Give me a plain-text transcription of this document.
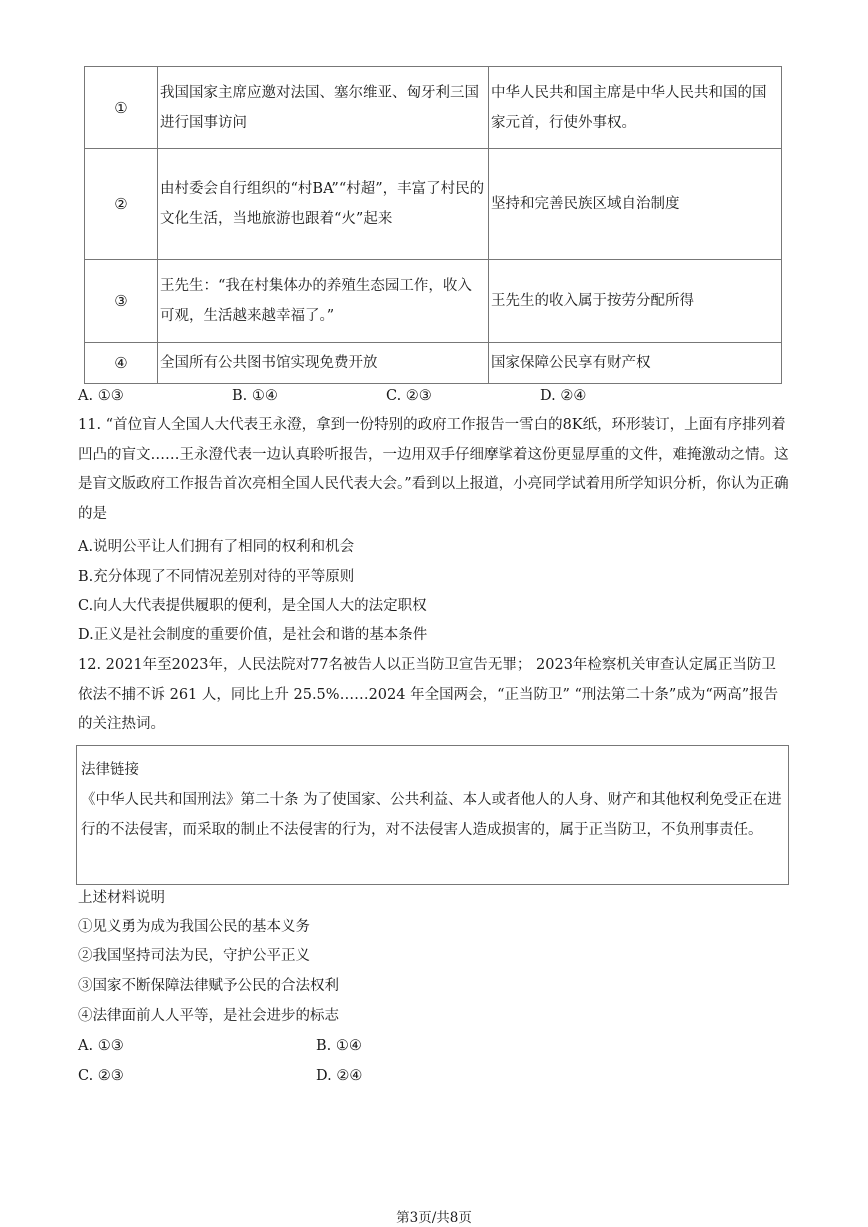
①	我国国家主席应邀对法国、塞尔维亚、匈牙利三国进行国事访问	中华人民共和国主席是中华人民共和国的国家元首，行使外事权。
②	由村委会自行组织的“村BA”“村超”，丰富了村民的文化生活，当地旅游也跟着“火”起来	坚持和完善民族区域自治制度
③	王先生：“我在村集体办的养殖生态园工作，收入可观，生活越来越幸福了。”	王先生的收入属于按劳分配所得
④	全国所有公共图书馆实现免费开放	国家保障公民享有财产权
A. ①③	B. ①④	C. ②③	D. ②④
11. “首位盲人全国人大代表王永澄，拿到一份特别的政府工作报告一雪白的8K纸，环形装订，上面有序排列着凹凸的盲文……王永澄代表一边认真聆听报告，一边用双手仔细摩挲着这份更显厚重的文件，难掩激动之情。这是盲文版政府工作报告首次亮相全国人民代表大会。”看到以上报道，小亮同学试着用所学知识分析，你认为正确的是
A.说明公平让人们拥有了相同的权利和机会
B.充分体现了不同情况差别对待的平等原则
C.向人大代表提供履职的便利，是全国人大的法定职权
D.正义是社会制度的重要价值，是社会和谐的基本条件
12. 2021年至2023年，人民法院对77名被告人以正当防卫宣告无罪； 2023年检察机关审查认定属正当防卫依法不捕不诉 261 人，同比上升 25.5%……2024 年全国两会，“正当防卫” “刑法第二十条”成为“两高”报告的关注热词。
法律链接
《中华人民共和国刑法》第二十条 为了使国家、公共利益、本人或者他人的人身、财产和其他权利免受正在进行的不法侵害，而采取的制止不法侵害的行为，对不法侵害人造成损害的，属于正当防卫，不负刑事责任。
上述材料说明
①见义勇为成为我国公民的基本义务
②我国坚持司法为民，守护公平正义
③国家不断保障法律赋予公民的合法权利
④法律面前人人平等，是社会进步的标志
A. ①③	B. ①④
C. ②③	D. ②④
第3页/共8页
